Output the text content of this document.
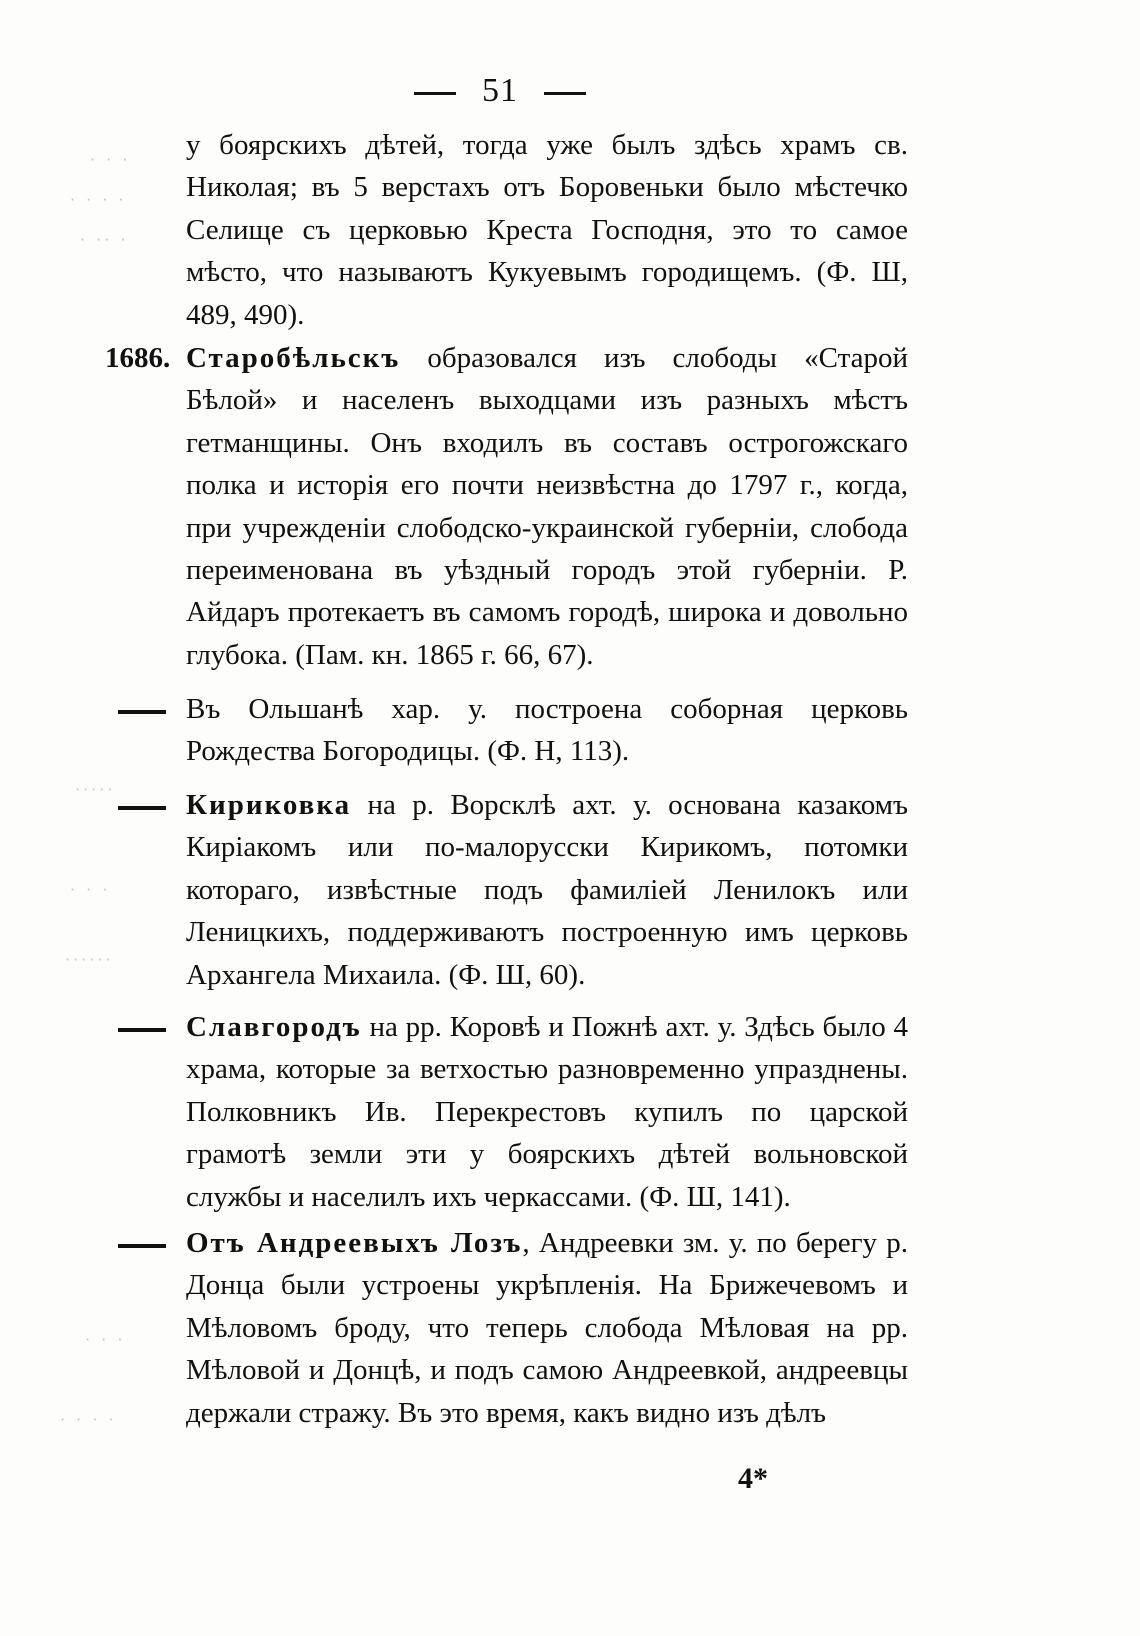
51
у боярскихъ дѣтей, тогда уже былъ здѣсь храмъ св. Николая; въ 5 верстахъ отъ Боровеньки было мѣстечко Селище съ церковью Креста Господня, это то самое мѣсто, что называютъ Кукуевымъ городищемъ. (Ф. Ш, 489, 490).
1686. Старобѣльскъ образовался изъ слободы «Старой Бѣлой» и населенъ выходцами изъ разныхъ мѣстъ гетманщины. Онъ входилъ въ составъ острогожскаго полка и исторія его почти неизвѣстна до 1797 г., когда, при учрежденіи слободско-украинской губерніи, слобода переименована въ уѣздный городъ этой губерніи. Р. Айдаръ протекаетъ въ самомъ городѣ, широка и довольно глубока. (Пам. кн. 1865 г. 66, 67).
Въ Ольшанѣ хар. у. построена соборная церковь Рождества Богородицы. (Ф. Н, 113).
Кириковка на р. Ворсклѣ ахт. у. основана казакомъ Киріакомъ или по-малорусски Кирикомъ, потомки котораго, извѣстные подъ фамиліей Ленилокъ или Леницкихъ, поддерживаютъ построенную имъ церковь Архангела Михаила. (Ф. Ш, 60).
Славгородъ на рр. Коровѣ и Пожнѣ ахт. у. Здѣсь было 4 храма, которые за ветхостью разновременно упразднены. Полковникъ Ив. Перекрестовъ купилъ по царской грамотѣ земли эти у боярскихъ дѣтей вольновской службы и населилъ ихъ черкассами. (Ф. Ш, 141).
Отъ Андреевыхъ Лозъ, Андреевки зм. у. по берегу р. Донца были устроены укрѣпленія. На Брижечевомъ и Мѣловомъ броду, что теперь слобода Мѣловая на рр. Мѣловой и Донцѣ, и подъ самою Андреевкой, андреевцы держали стражу. Въ это время, какъ видно изъ дѣлъ
4*
· · ·
· · · ·
· ·· ·
·····
· · ·
······
· · ·
· · · ·
